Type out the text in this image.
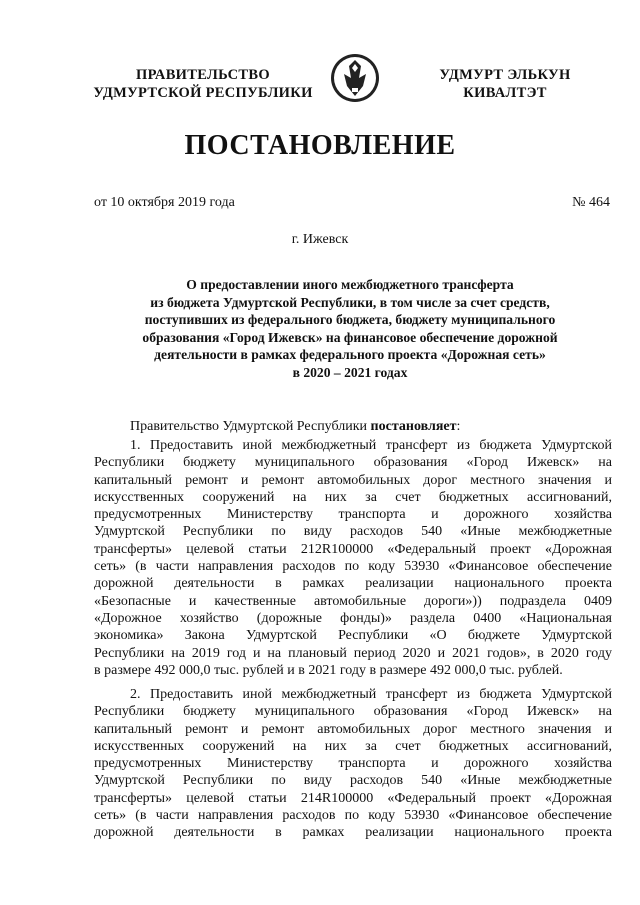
ПРАВИТЕЛЬСТВО
УДМУРТСКОЙ РЕСПУБЛИКИ
УДМУРТ ЭЛЬКУН
КИВАЛТЭТ
ПОСТАНОВЛЕНИЕ
от 10 октября 2019 года	№ 464
г. Ижевск
О предоставлении иного межбюджетного трансферта
из бюджета Удмуртской Республики, в том числе за счет средств,
поступивших из федерального бюджета, бюджету муниципального
образования «Город Ижевск» на финансовое обеспечение дорожной
деятельности в рамках федерального проекта «Дорожная сеть»
в 2020 – 2021 годах
Правительство Удмуртской Республики постановляет:
1. Предоставить иной межбюджетный трансферт из бюджета Удмуртской
Республики бюджету муниципального образования «Город Ижевск» на
капитальный ремонт и ремонт автомобильных дорог местного значения и
искусственных сооружений на них за счет бюджетных ассигнований,
предусмотренных Министерству транспорта и дорожного хозяйства
Удмуртской Республики по виду расходов 540 «Иные межбюджетные
трансферты» целевой статьи 212R100000 «Федеральный проект «Дорожная
сеть» (в части направления расходов по коду 53930 «Финансовое обеспечение
дорожной деятельности в рамках реализации национального проекта
«Безопасные и качественные автомобильные дороги»)) подраздела 0409
«Дорожное хозяйство (дорожные фонды)» раздела 0400 «Национальная
экономика» Закона Удмуртской Республики «О бюджете Удмуртской
Республики на 2019 год и на плановый период 2020 и 2021 годов», в 2020 году
в размере 492 000,0 тыс. рублей и в 2021 году в размере 492 000,0 тыс. рублей.
2. Предоставить иной межбюджетный трансферт из бюджета Удмуртской
Республики бюджету муниципального образования «Город Ижевск» на
капитальный ремонт и ремонт автомобильных дорог местного значения и
искусственных сооружений на них за счет бюджетных ассигнований,
предусмотренных Министерству транспорта и дорожного хозяйства
Удмуртской Республики по виду расходов 540 «Иные межбюджетные
трансферты» целевой статьи 214R100000 «Федеральный проект «Дорожная
сеть» (в части направления расходов по коду 53930 «Финансовое обеспечение
дорожной деятельности в рамках реализации национального проекта
